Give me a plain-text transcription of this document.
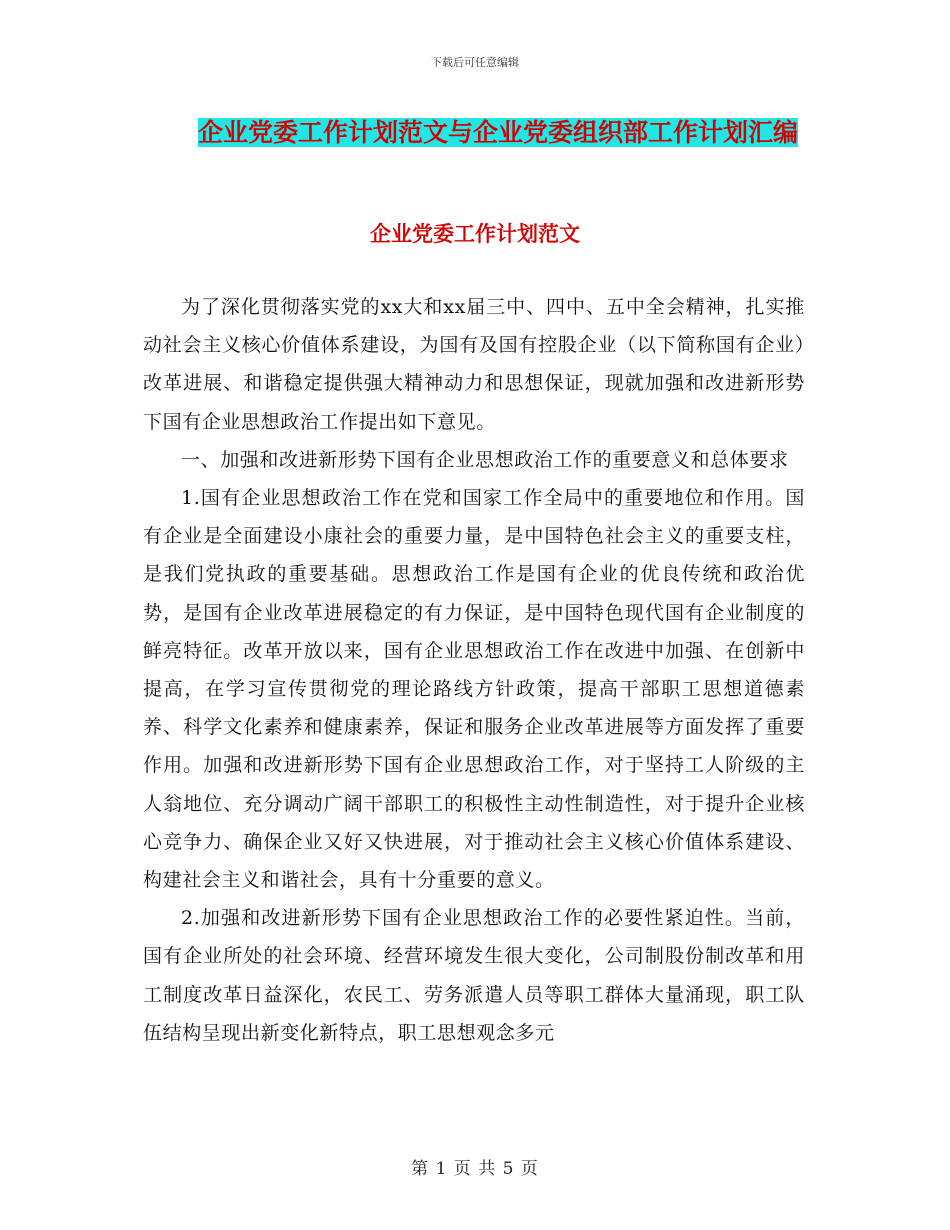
下载后可任意编辑
企业党委工作计划范文与企业党委组织部工作计划汇编
企业党委工作计划范文

为了深化贯彻落实党的xx大和xx届三中、四中、五中全会精神，扎实推动社会主义核心价值体系建设，为国有及国有控股企业（以下简称国有企业）改革进展、和谐稳定提供强大精神动力和思想保证，现就加强和改进新形势下国有企业思想政治工作提出如下意见。

一、加强和改进新形势下国有企业思想政治工作的重要意义和总体要求

1.国有企业思想政治工作在党和国家工作全局中的重要地位和作用。国有企业是全面建设小康社会的重要力量，是中国特色社会主义的重要支柱，是我们党执政的重要基础。思想政治工作是国有企业的优良传统和政治优势，是国有企业改革进展稳定的有力保证，是中国特色现代国有企业制度的鲜亮特征。改革开放以来，国有企业思想政治工作在改进中加强、在创新中提高，在学习宣传贯彻党的理论路线方针政策，提高干部职工思想道德素养、科学文化素养和健康素养，保证和服务企业改革进展等方面发挥了重要作用。加强和改进新形势下国有企业思想政治工作，对于坚持工人阶级的主人翁地位、充分调动广阔干部职工的积极性主动性制造性，对于提升企业核心竞争力、确保企业又好又快进展，对于推动社会主义核心价值体系建设、构建社会主义和谐社会，具有十分重要的意义。

2.加强和改进新形势下国有企业思想政治工作的必要性紧迫性。当前，国有企业所处的社会环境、经营环境发生很大变化，公司制股份制改革和用工制度改革日益深化，农民工、劳务派遣人员等职工群体大量涌现，职工队伍结构呈现出新变化新特点，职工思想观念多元

第 1 页 共 5 页
